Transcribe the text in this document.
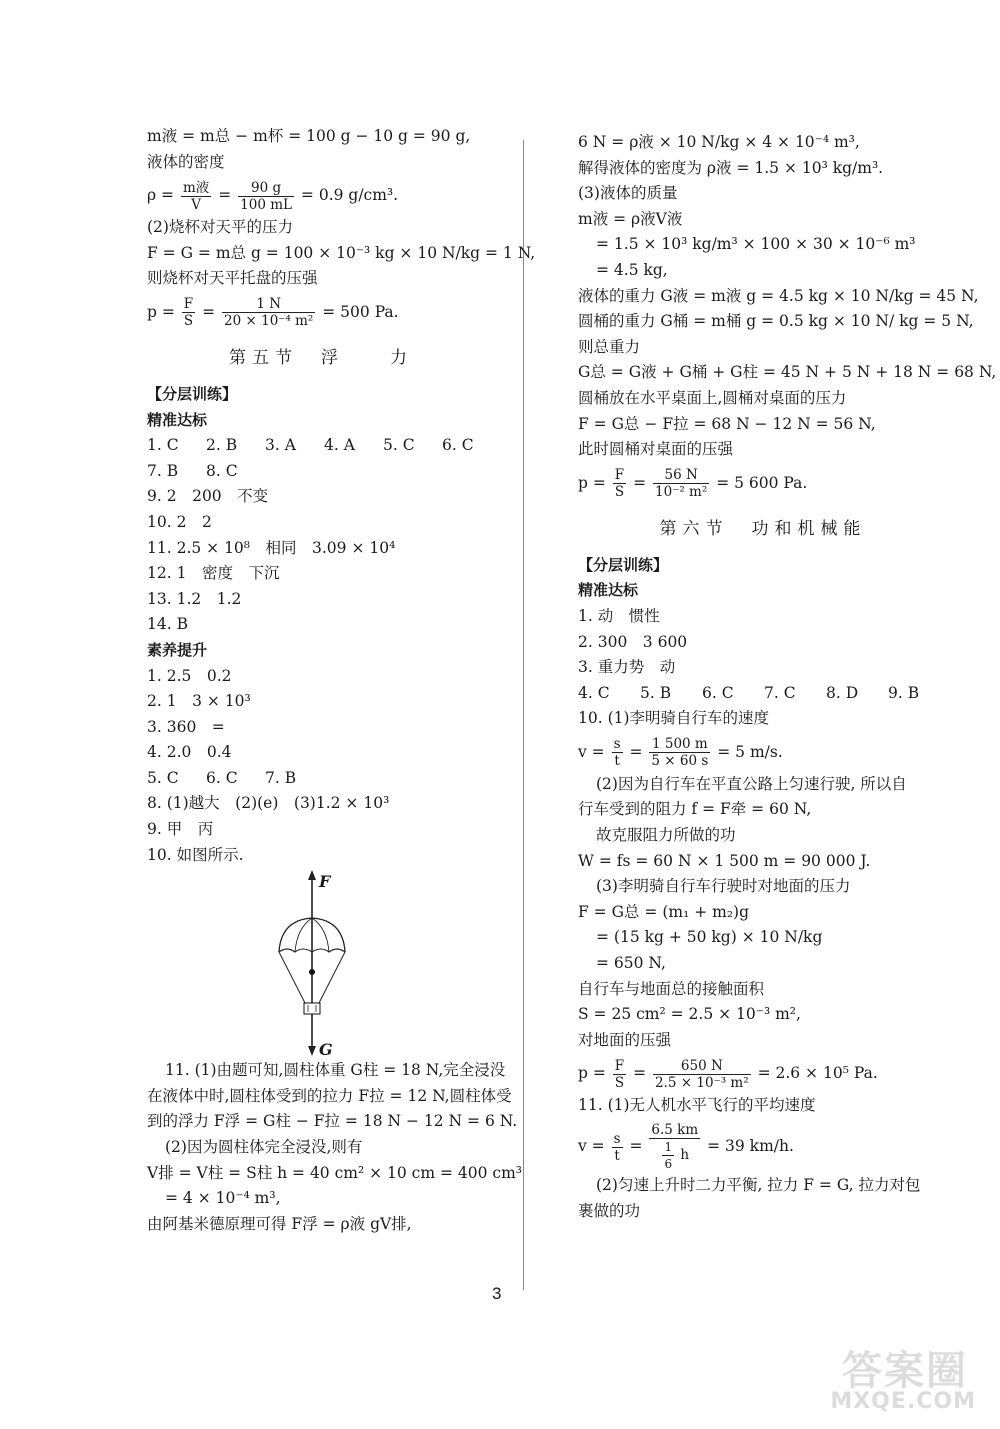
m液 = m总 − m杯 = 100 g − 10 g = 90 g,
液体的密度
$\rho = \frac{\text{m液}}{V} = \frac{90 g}{100 mL} = 0.9$ g/cm³.
(2)烧杯对天平的压力
F = G = m总 g = 100 × 10⁻³ kg × 10 N/kg = 1 N,
则烧杯对天平托盘的压强
$p = \frac{F}{S} = \frac{1 N}{\text{20 × 10⁻⁴ m²}} = 500$ Pa.
第五节　浮　　力
【分层训练】
精准达标
1. C 2. B 3. A 4. A 5. C 6. C
7. B 8. C
9. 2　200　不变
10. 2　2
11. 2.5 × 10⁸　相同　3.09 × 10⁴
12. 1　密度　下沉
13. 1.2　1.2
14. B
素养提升
1. 2.5　0.2
2. 1　3 × 10³
3. 360　=
4. 2.0　0.4
5. C 6. C 7. B
8. (1)越大　(2)(e)　(3)1.2 × 10³
9. 甲　丙
10. 如图所示.
F
G
11. (1)由题可知,圆柱体重 G柱 = 18 N,完全浸没
在液体中时,圆柱体受到的拉力 F拉 = 12 N,圆柱体受
到的浮力 F浮 = G柱 − F拉 = 18 N − 12 N = 6 N.
(2)因为圆柱体完全浸没,则有
V排 = V柱 = S柱 h = 40 cm² × 10 cm = 400 cm³
= 4 × 10⁻⁴ m³,
由阿基米德原理可得 F浮 = ρ液 gV排,
6 N = ρ液 × 10 N/kg × 4 × 10⁻⁴ m³,
解得液体的密度为 ρ液 = 1.5 × 10³ kg/m³.
(3)液体的质量
m液 = ρ液V液
= 1.5 × 10³ kg/m³ × 100 × 30 × 10⁻⁶ m³
= 4.5 kg,
液体的重力 G液 = m液 g = 4.5 kg × 10 N/kg = 45 N,
圆桶的重力 G桶 = m桶 g = 0.5 kg × 10 N/ kg = 5 N,
则总重力
G总 = G液 + G桶 + G柱 = 45 N + 5 N + 18 N = 68 N,
圆桶放在水平桌面上,圆桶对桌面的压力
F = G总 − F拉 = 68 N − 12 N = 56 N,
此时圆桶对桌面的压强
$p = \frac{F}{S} = \frac{56 N}{\text{10⁻² m²}} = 5$ 600 Pa.
第六节　功和机械能
【分层训练】
精准达标
1. 动　惯性
2. 300　3 600
3. 重力势　动
4. C 5. B 6. C 7. C 8. D 9. B
10. (1)李明骑自行车的速度
$v = \frac{s}{t} = \frac{1 500 m}{5 \times 60 s} = 5$ m/s.
(2)因为自行车在平直公路上匀速行驶, 所以自
行车受到的阻力 f = F牵 = 60 N,
故克服阻力所做的功
W = fs = 60 N × 1 500 m = 90 000 J.
(3)李明骑自行车行驶时对地面的压力
F = G总 = (m₁ + m₂)g
= (15 kg + 50 kg) × 10 N/kg
= 650 N,
自行车与地面总的接触面积
S = 25 cm² = 2.5 × 10⁻³ m²,
对地面的压强
$p = \frac{F}{S} = \frac{650 N}{\text{2.5 × 10⁻³ m²}} = 2.6 \times 10^5$ Pa.
11. (1)无人机水平飞行的平均速度
$v = \frac{s}{t} = \frac{6.5 km}{\frac{1}{6} h} = 39$ km/h.
(2)匀速上升时二力平衡, 拉力 F = G, 拉力对包
裹做的功
3
答案圈
MXQE.COM
